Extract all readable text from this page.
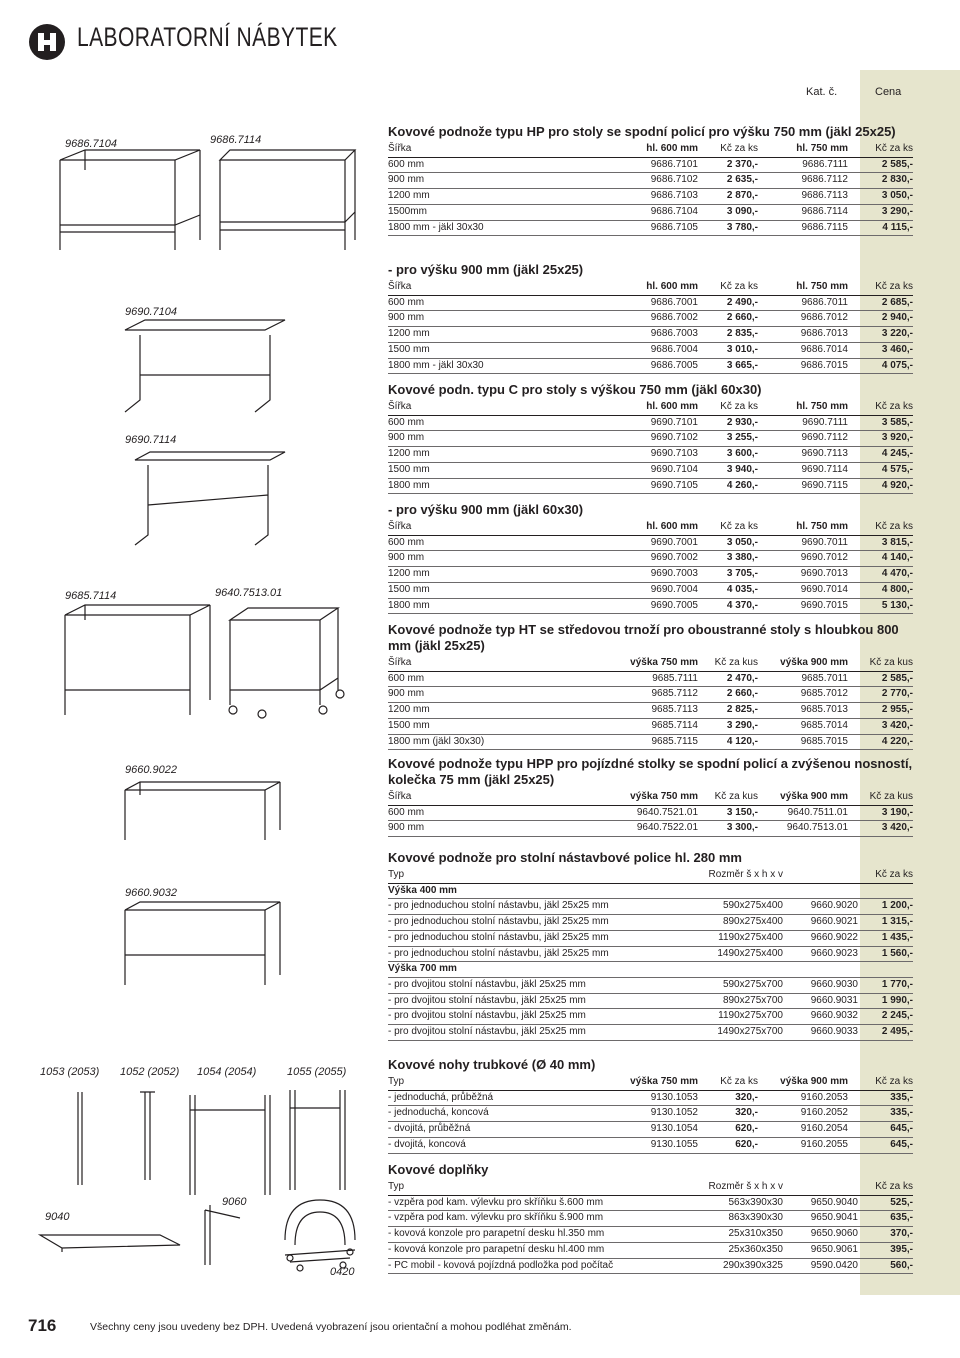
LABORATORNÍ NÁBYTEK
Kat. č.	Cena
9686.7104	9686.7114
9690.7104
9690.7114
9685.7114	9640.7513.01
9660.9022
9660.9032
1053 (2053) 1052 (2052) 1054 (2054)	1055 (2055)
9040
9060
0420
Kovové podnože typu HP pro stoly se spodní policí pro výšku 750 mm (jäkl 25x25)
Šířka	hl. 600 mm	Kč za ks	hl. 750 mm	Kč za ks
600 mm	9686.7101	2 370,-	9686.7111	2 585,-
900 mm	9686.7102	2 635,-	9686.7112	2 830,-
1200 mm	9686.7103	2 870,-	9686.7113	3 050,-
1500mm	9686.7104	3 090,-	9686.7114	3 290,-
1800 mm - jäkl 30x30	9686.7105	3 780,-	9686.7115	4 115,-
- pro výšku 900 mm (jäkl 25x25)
Šířka	hl. 600 mm	Kč za ks	hl. 750 mm	Kč za ks
600 mm	9686.7001	2 490,-	9686.7011	2 685,-
900 mm	9686.7002	2 660,-	9686.7012	2 940,-
1200 mm	9686.7003	2 835,-	9686.7013	3 220,-
1500 mm	9686.7004	3 010,-	9686.7014	3 460,-
1800 mm - jäkl 30x30	9686.7005	3 665,-	9686.7015	4 075,-
Kovové podn. typu C pro stoly s výškou 750 mm (jäkl 60x30)
Šířka	hl. 600 mm	Kč za ks	hl. 750 mm	Kč za ks
600 mm	9690.7101	2 930,-	9690.7111	3 585,-
900 mm	9690.7102	3 255,-	9690.7112	3 920,-
1200 mm	9690.7103	3 600,-	9690.7113	4 245,-
1500 mm	9690.7104	3 940,-	9690.7114	4 575,-
1800 mm	9690.7105	4 260,-	9690.7115	4 920,-
- pro výšku 900 mm (jäkl 60x30)
Šířka	hl. 600 mm	Kč za ks	hl. 750 mm	Kč za ks
600 mm	9690.7001	3 050,-	9690.7011	3 815,-
900 mm	9690.7002	3 380,-	9690.7012	4 140,-
1200 mm	9690.7003	3 705,-	9690.7013	4 470,-
1500 mm	9690.7004	4 035,-	9690.7014	4 800,-
1800 mm	9690.7005	4 370,-	9690.7015	5 130,-
Kovové podnože typ HT se středovou trnoží pro oboustranné stoly s hloubkou 800 mm (jäkl 25x25)
Šířka	výška 750 mm	Kč za kus	výška 900 mm	Kč za kus
600 mm	9685.7111	2 470,-	9685.7011	2 585,-
900 mm	9685.7112	2 660,-	9685.7012	2 770,-
1200 mm	9685.7113	2 825,-	9685.7013	2 955,-
1500 mm	9685.7114	3 290,-	9685.7014	3 420,-
1800 mm (jäkl 30x30)	9685.7115	4 120,-	9685.7015	4 220,-
Kovové podnože typu HPP pro pojízdné stolky se spodní policí a zvýšenou nosností, kolečka 75 mm (jäkl 25x25)
Šířka	výška 750 mm	Kč za kus	výška 900 mm	Kč za kus
600 mm	9640.7521.01	3 150,-	9640.7511.01	3 190,-
900 mm	9640.7522.01	3 300,-	9640.7513.01	3 420,-
Kovové podnože pro stolní nástavbové police hl. 280 mm
Typ	Rozměr š x h x v		Kč za ks
Výška 400 mm			
- pro jednoduchou stolní nástavbu, jäkl 25x25 mm	590x275x400	9660.9020	1 200,-
- pro jednoduchou stolní nástavbu, jäkl 25x25 mm	890x275x400	9660.9021	1 315,-
- pro jednoduchou stolní nástavbu, jäkl 25x25 mm	1190x275x400	9660.9022	1 435,-
- pro jednoduchou stolní nástavbu, jäkl 25x25 mm	1490x275x400	9660.9023	1 560,-
Výška 700 mm			
- pro dvojitou stolní nástavbu, jäkl 25x25 mm	590x275x700	9660.9030	1 770,-
- pro dvojitou stolní nástavbu, jäkl 25x25 mm	890x275x700	9660.9031	1 990,-
- pro dvojitou stolní nástavbu, jäkl 25x25 mm	1190x275x700	9660.9032	2 245,-
- pro dvojitou stolní nástavbu, jäkl 25x25 mm	1490x275x700	9660.9033	2 495,-
Kovové nohy trubkové (Ø 40 mm)
Typ	výška 750 mm	Kč za ks	výška 900 mm	Kč za ks
- jednoduchá, průběžná	9130.1053	320,-	9160.2053	335,-
- jednoduchá, koncová	9130.1052	320,-	9160.2052	335,-
- dvojitá, průběžná	9130.1054	620,-	9160.2054	645,-
- dvojitá, koncová	9130.1055	620,-	9160.2055	645,-
Kovové doplňky
Typ	Rozměr š x h x v		Kč za ks
- vzpěra pod kam. výlevku pro skříňku š.600 mm	563x390x30	9650.9040	525,-
- vzpěra pod kam. výlevku pro skříňku š.900 mm	863x390x30	9650.9041	635,-
- kovová konzole pro parapetní desku hl.350 mm	25x310x350	9650.9060	370,-
- kovová konzole pro parapetní desku hl.400 mm	25x360x350	9650.9061	395,-
- PC mobil - kovová pojízdná podložka pod počítač	290x390x325	9590.0420	560,-
716	Všechny ceny jsou uvedeny bez DPH. Uvedená vyobrazení jsou orientační a mohou podléhat změnám.
